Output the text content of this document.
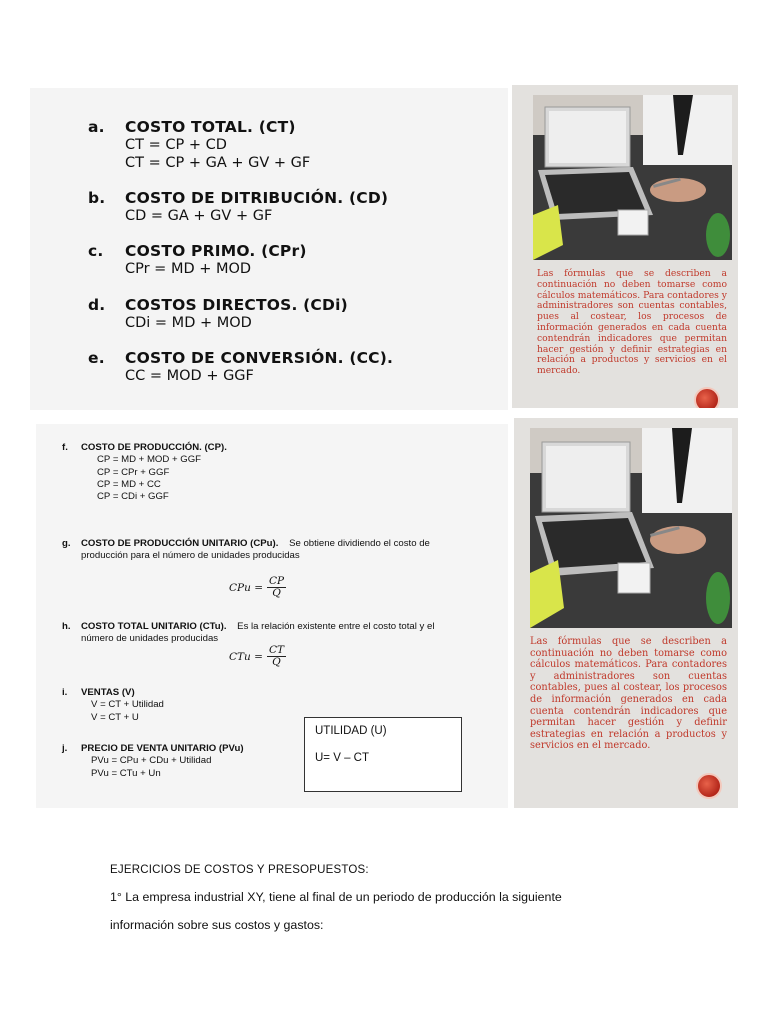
a. COSTO TOTAL. (CT)
CT = CP + CD
CT = CP + GA + GV + GF
b. COSTO DE DITRIBUCIÓN. (CD)
CD = GA + GV + GF
c. COSTO PRIMO. (CPr)
CPr = MD + MOD
d. COSTOS DIRECTOS. (CDi)
CDi = MD + MOD
e. COSTO DE CONVERSIÓN. (CC).
CC = MOD + GGF
f. COSTO DE PRODUCCIÓN. (CP).
CP = MD + MOD + GGF
CP = CPr + GGF
CP = MD + CC
CP = CDi + GGF
g. COSTO DE PRODUCCIÓN UNITARIO (CPu). Se obtiene dividiendo el costo de
producción para el número de unidades producidas
CPu = $\frac{CP}{Q}$
h. COSTO TOTAL UNITARIO (CTu). Es la relación existente entre el costo total y el
número de unidades producidas
CTu = $\frac{CT}{Q}$
i. VENTAS (V)
V = CT + Utilidad
V = CT + U
j. PRECIO DE VENTA UNITARIO (PVu)
PVu = CPu + CDu + Utilidad
PVu = CTu + Un
UTILIDAD (U)
U= V – CT
Las fórmulas que se describen a continuación no deben tomarse como cálculos matemáticos. Para contadores y administradores son cuentas contables, pues al costear, los procesos de información generados en cada cuenta contendrán indicadores que permitan hacer gestión y definir estrategias en relación a productos y servicios en el mercado.
Las fórmulas que se describen a continuación no deben tomarse como cálculos matemáticos. Para contadores y administradores son cuentas contables, pues al costear, los procesos de información generados en cada cuenta contendrán indicadores que permitan hacer gestión y definir estrategias en relación a productos y servicios en el mercado.
EJERCICIOS DE COSTOS Y PRESOPUESTOS:
1° La empresa industrial XY, tiene al final de un periodo de producción la siguiente
información sobre sus costos y gastos:
